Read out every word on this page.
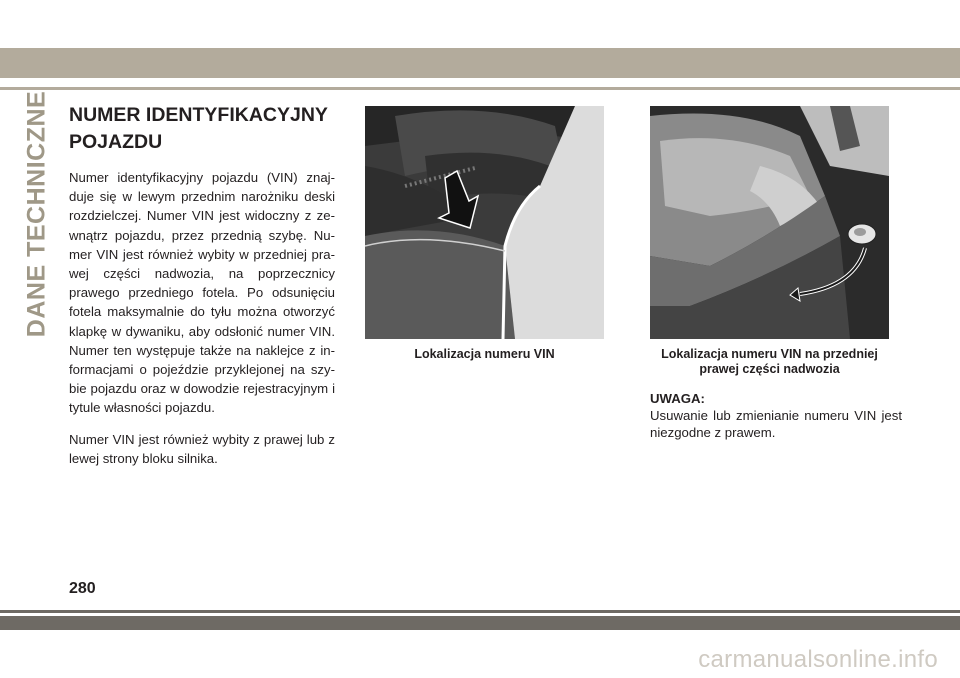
DANE TECHNICZNE NUMER IDENTYFIKACYJNY
POJAZDU

Numer identyfikacyjny pojazdu (VIN) znaj-duje się w lewym przednim narożniku deski rozdzielczej. Numer VIN jest widoczny z ze-wnątrz pojazdu, przez przednią szybę. Nu-mer VIN jest również wybity w przedniej pra-wej części nadwozia, na poprzecznicy prawego przedniego fotela. Po odsunięciu fotela maksymalnie do tyłu można otworzyć klapkę w dywaniku, aby odsłonić numer VIN. Numer ten występuje także na naklejce z in-formacjami o pojeździe przyklejonej na szy-bie pojazdu oraz w dowodzie rejestracyjnym i tytule własności pojazdu.

Numer VIN jest również wybity z prawej lub z lewej strony bloku silnika.

Lokalizacja numeru VIN	Lokalizacja numeru VIN na przedniej
prawej części nadwozia
UWAGA:
Usuwanie lub zmienianie numeru VIN jest niezgodne z prawem.
280
carmanualsonline.info
